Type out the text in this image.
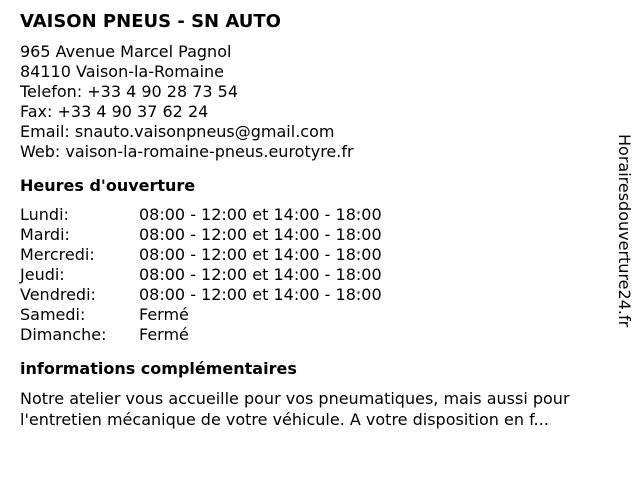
VAISON PNEUS - SN AUTO
965 Avenue Marcel Pagnol
84110 Vaison-la-Romaine
Telefon: +33 4 90 28 73 54
Fax: +33 4 90 37 62 24
Email: snauto.vaisonpneus@gmail.com
Web: vaison-la-romaine-pneus.eurotyre.fr
Heures d'ouverture
Lundi:	08:00 - 12:00 et 14:00 - 18:00
Mardi:	08:00 - 12:00 et 14:00 - 18:00
Mercredi:	08:00 - 12:00 et 14:00 - 18:00
Jeudi:	08:00 - 12:00 et 14:00 - 18:00
Vendredi:	08:00 - 12:00 et 14:00 - 18:00
Samedi:	Fermé
Dimanche:	Fermé
informations complémentaires
Notre atelier vous accueille pour vos pneumatiques, mais aussi pour
l'entretien mécanique de votre véhicule. A votre disposition en f...
Horairesdouverture24.fr
